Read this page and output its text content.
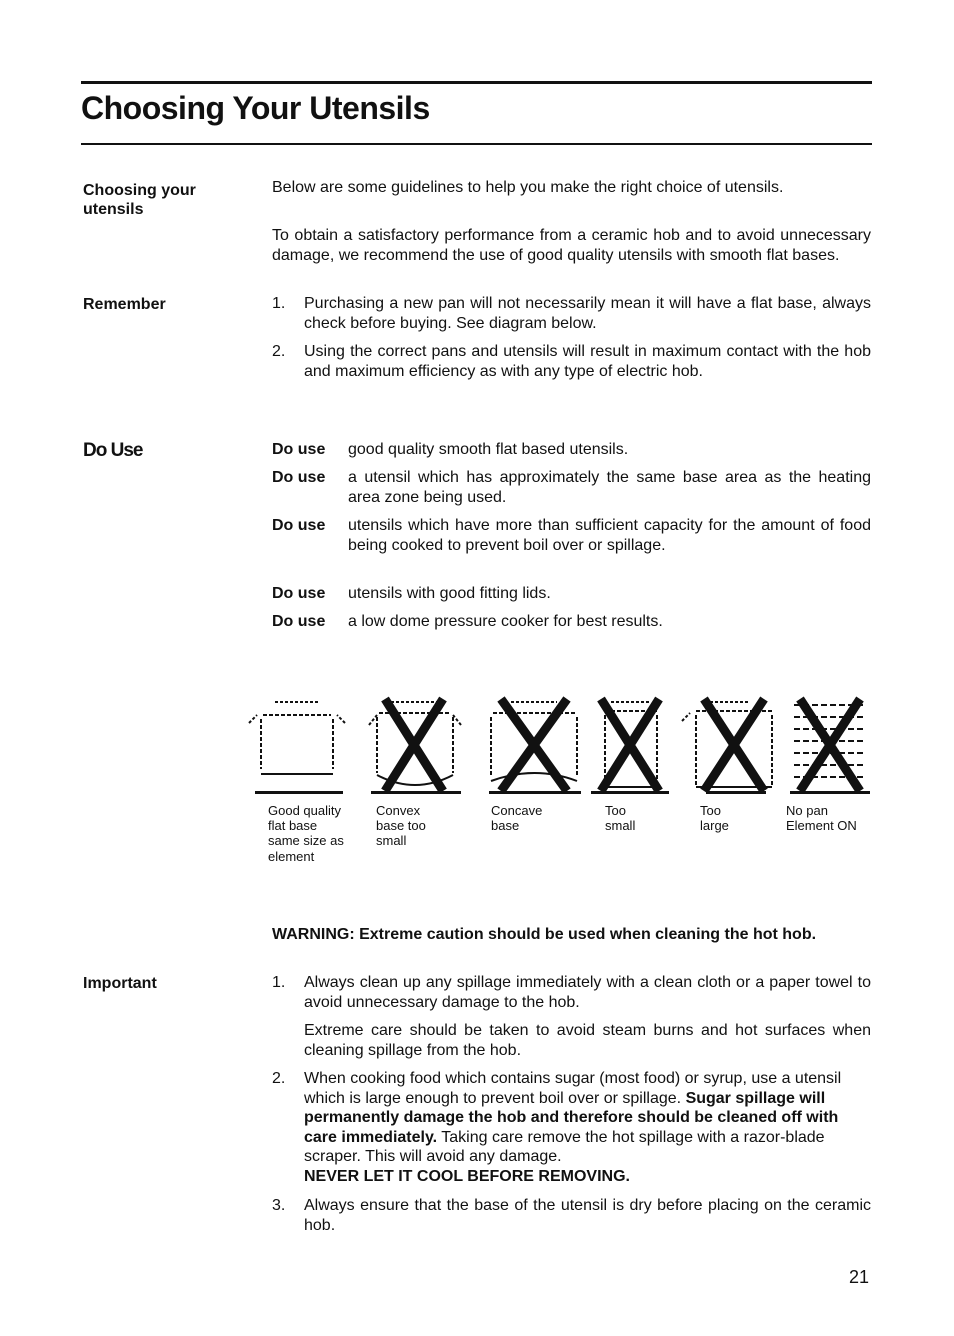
Choosing Your Utensils
Choosing your utensils

Below are some guidelines to help you make the right choice of utensils.

To obtain a satisfactory performance from a ceramic hob and to avoid unnecessary damage, we recommend the use of good quality utensils with smooth flat bases.

Remember	1.	Purchasing a new pan will not necessarily mean it will have a flat base, always check before buying. See diagram below.

2.	Using the correct pans and utensils will result in maximum contact with the hob and maximum efficiency as with any type of electric hob.

Do Use	Do use	good quality smooth flat based utensils.

Do use	a utensil which has approximately the same base area as the heating area zone being used.

Do use	utensils which have more than sufficient capacity for the amount of food being cooked to prevent boil over or spillage.

Do use	utensils with good fitting lids.

Do use	a low dome pressure cooker for best results.

Good quality
flat base
same size as
element
Convex
base too
small
Concave
base
Too
small
Too
large
No pan
Element ON

WARNING: Extreme caution should be used when cleaning the hot hob.

Important	1.	Always clean up any spillage immediately with a clean cloth or a paper towel to avoid unnecessary damage to the hob.

Extreme care should be taken to avoid steam burns and hot surfaces when cleaning spillage from the hob.

2.	When cooking food which contains sugar (most food) or syrup, use a utensil which is large enough to prevent boil over or spillage. Sugar spillage will permanently damage the hob and therefore should be cleaned off with care immediately. Taking care remove the hot spillage with a razor-blade scraper. This will avoid any damage.
NEVER LET IT COOL BEFORE REMOVING.

3.	Always ensure that the base of the utensil is dry before placing on the ceramic hob.

21
